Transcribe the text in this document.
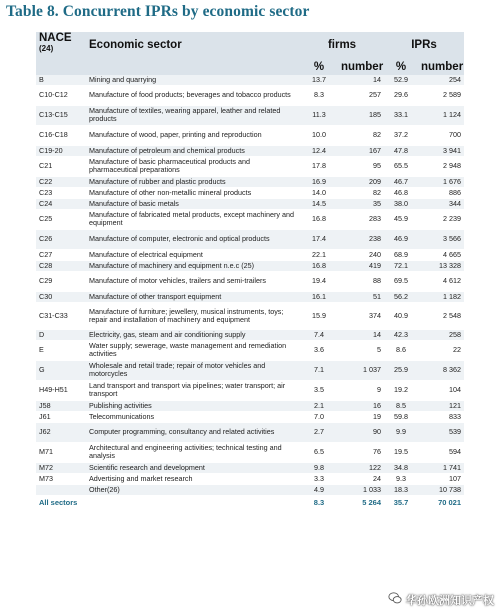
Table 8. Concurrent IPRs by economic sector
NACE $^{(24)}$	Economic sector	firms		IPRs	
		%	number	%	number
B	Mining and quarrying	13.7	14	52.9	254
C10-C12	Manufacture of food products; beverages and tobacco products	8.3	257	29.6	2 589
C13-C15	Manufacture of textiles, wearing apparel, leather and related products	11.3	185	33.1	1 124
C16-C18	Manufacture of wood, paper, printing and reproduction	10.0	82	37.2	700
C19-20	Manufacture of petroleum and chemical products	12.4	167	47.8	3 941
C21	Manufacture of basic pharmaceutical products and pharmaceutical preparations	17.8	95	65.5	2 948
C22	Manufacture of rubber and plastic products	16.9	209	46.7	1 676
C23	Manufacture of other non-metallic mineral products	14.0	82	46.8	886
C24	Manufacture of basic metals	14.5	35	38.0	344
C25	Manufacture of fabricated metal products, except machinery and equipment	16.8	283	45.9	2 239
C26	Manufacture of computer, electronic and optical products	17.4	238	46.9	3 566
C27	Manufacture of electrical equipment	22.1	240	68.9	4 665
C28	Manufacture of machinery and equipment n.e.c (25)	16.8	419	72.1	13 328
C29	Manufacture of motor vehicles, trailers and semi-trailers	19.4	88	69.5	4 612
C30	Manufacture of other transport equipment	16.1	51	56.2	1 182
C31-C33	Manufacture of furniture; jewellery, musical instruments, toys; repair and installation of machinery and equipment	15.9	374	40.9	2 548
D	Electricity, gas, steam and air conditioning supply	7.4	14	42.3	258
E	Water supply; sewerage, waste management and remediation activities	3.6	5	8.6	22
G	Wholesale and retail trade; repair of motor vehicles and motorcycles	7.1	1 037	25.9	8 362
H49-H51	Land transport and transport via pipelines; water transport; air transport	3.5	9	19.2	104
J58	Publishing activities	2.1	16	8.5	121
J61	Telecommunications	7.0	19	59.8	833
J62	Computer programming, consultancy and related activities	2.7	90	9.9	539
M71	Architectural and engineering activities; technical testing and analysis	6.5	76	19.5	594
M72	Scientific research and development	9.8	122	34.8	1 741
M73	Advertising and market research	3.3	24	9.3	107
	Other(26)	4.9	1 033	18.3	10 738
All sectors		8.3	5 264	35.7	70 021
华孙欧洲知识产权
